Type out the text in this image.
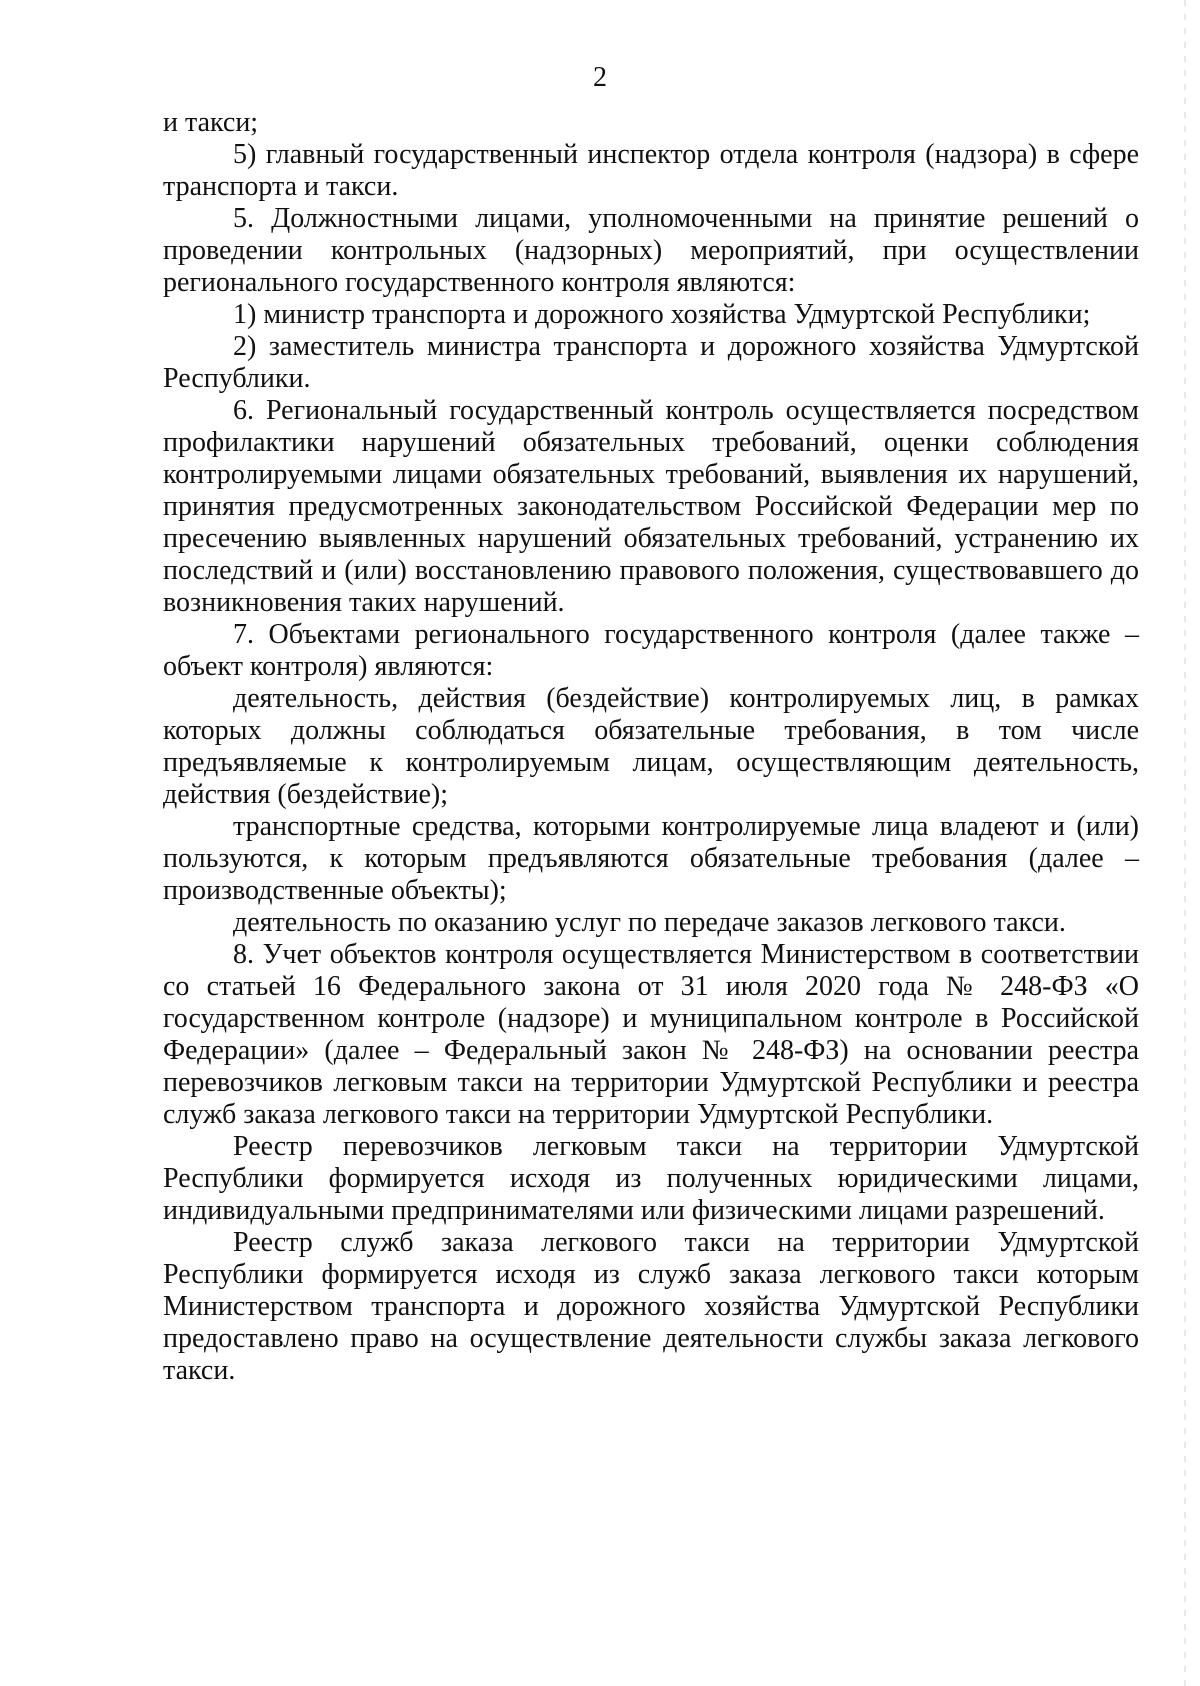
2

и такси;

5) главный государственный инспектор отдела контроля (надзора) в сфере транспорта и такси.

5. Должностными лицами, уполномоченными на принятие решений о проведении контрольных (надзорных) мероприятий, при осуществлении регионального государственного контроля являются:

1) министр транспорта и дорожного хозяйства Удмуртской Республики;

2) заместитель министра транспорта и дорожного хозяйства Удмуртской Республики.

6. Региональный государственный контроль осуществляется посредством профилактики нарушений обязательных требований, оценки соблюдения контролируемыми лицами обязательных требований, выявления их нарушений, принятия предусмотренных законодательством Российской Федерации мер по пресечению выявленных нарушений обязательных требований, устранению их последствий и (или) восстановлению правового положения, существовавшего до возникновения таких нарушений.

7. Объектами регионального государственного контроля (далее также – объект контроля) являются:

деятельность, действия (бездействие) контролируемых лиц, в рамках которых должны соблюдаться обязательные требования, в том числе предъявляемые к контролируемым лицам, осуществляющим деятельность, действия (бездействие);

транспортные средства, которыми контролируемые лица владеют и (или) пользуются, к которым предъявляются обязательные требования (далее – производственные объекты);

деятельность по оказанию услуг по передаче заказов легкового такси.

8. Учет объектов контроля осуществляется Министерством в соответствии со статьей 16 Федерального закона от 31 июля 2020 года № 248-ФЗ «О государственном контроле (надзоре) и муниципальном контроле в Российской Федерации» (далее – Федеральный закон № 248-ФЗ) на основании реестра перевозчиков легковым такси на территории Удмуртской Республики и реестра служб заказа легкового такси на территории Удмуртской Республики.

Реестр перевозчиков легковым такси на территории Удмуртской Республики формируется исходя из полученных юридическими лицами, индивидуальными предпринимателями или физическими лицами разрешений.

Реестр служб заказа легкового такси на территории Удмуртской Республики формируется исходя из служб заказа легкового такси которым Министерством транспорта и дорожного хозяйства Удмуртской Республики предоставлено право на осуществление деятельности службы заказа легкового такси.
